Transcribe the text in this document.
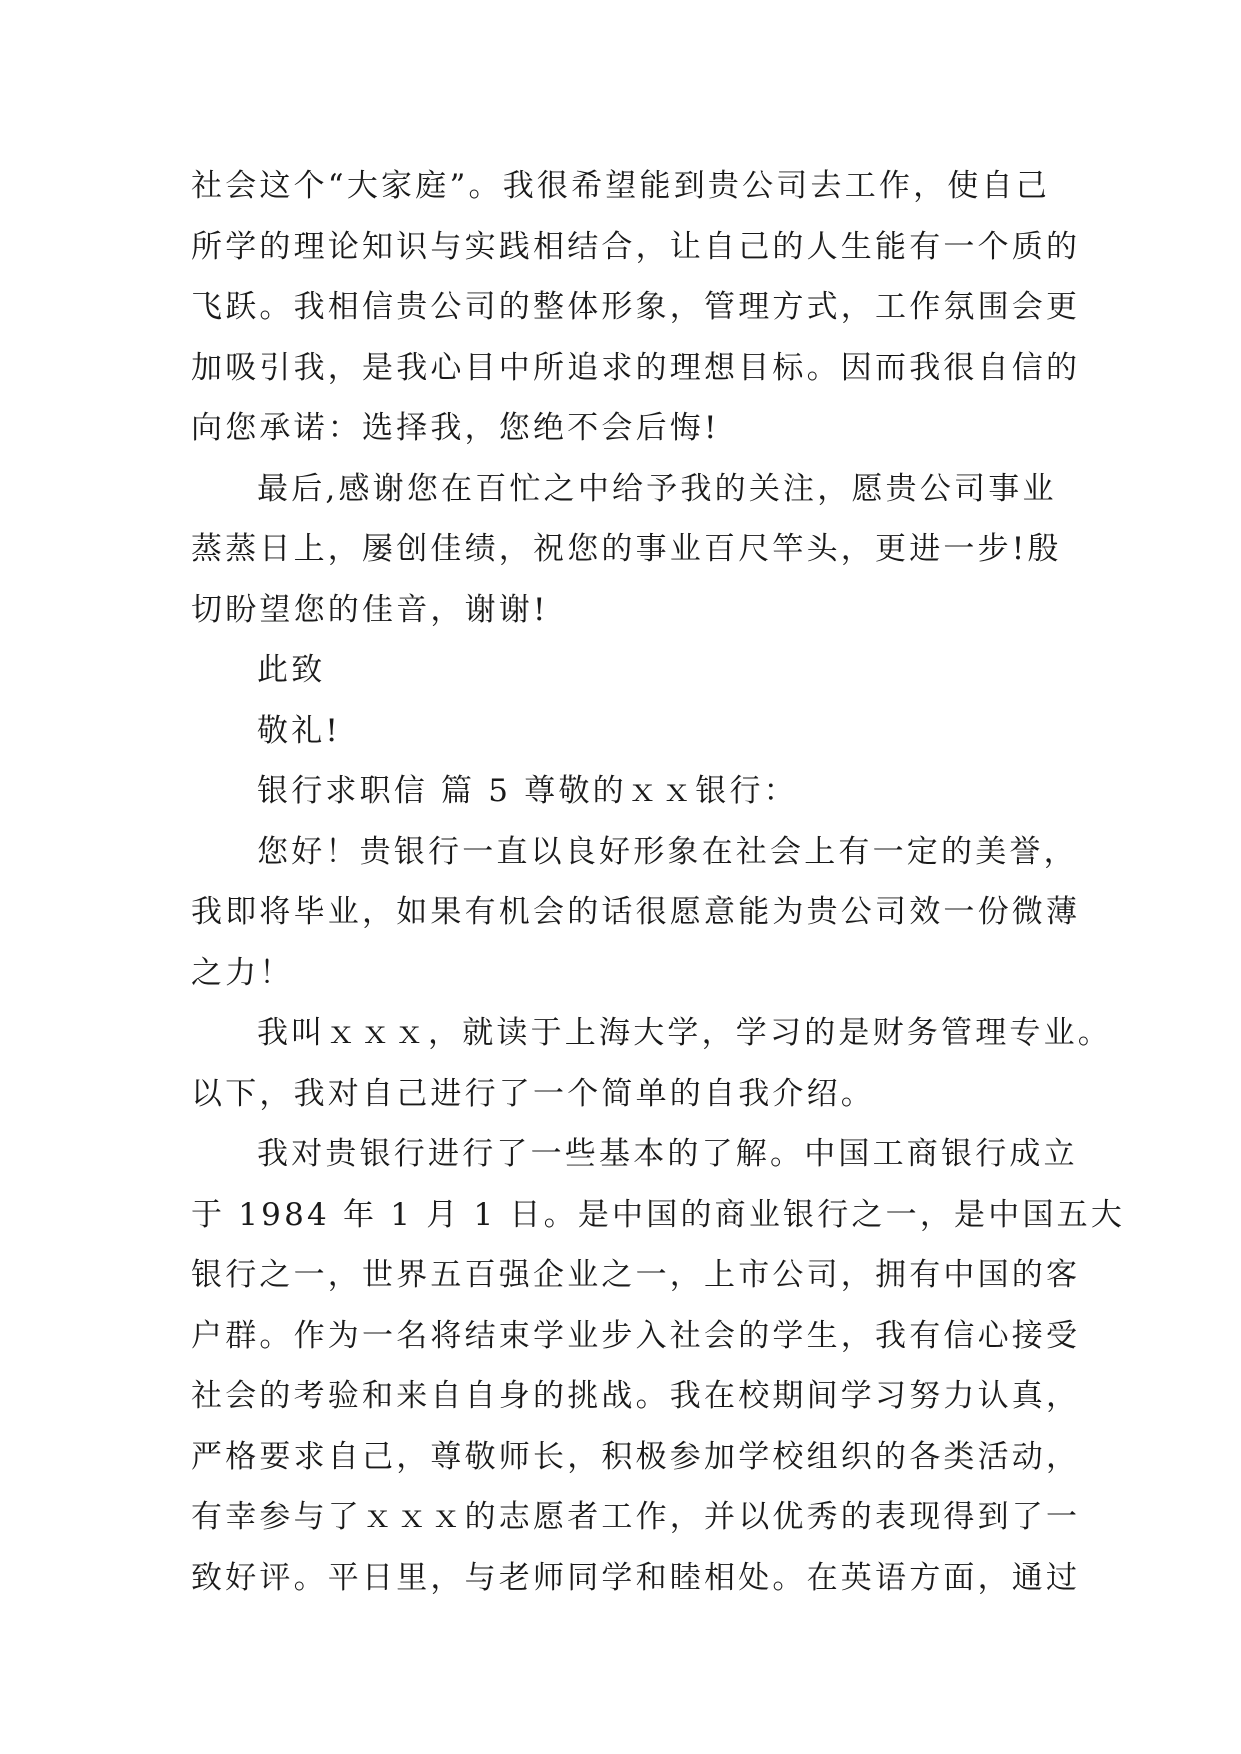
社会这个“大家庭”。我很希望能到贵公司去工作，使自己
所学的理论知识与实践相结合，让自己的人生能有一个质的
飞跃。我相信贵公司的整体形象，管理方式，工作氛围会更
加吸引我，是我心目中所追求的理想目标。因而我很自信的
向您承诺：选择我，您绝不会后悔!
最后,感谢您在百忙之中给予我的关注，愿贵公司事业
蒸蒸日上，屡创佳绩，祝您的事业百尺竿头，更进一步!殷
切盼望您的佳音，谢谢!
此致
敬礼!
银行求职信 篇 5 尊敬的ｘｘ银行：
您好！贵银行一直以良好形象在社会上有一定的美誉，
我即将毕业，如果有机会的话很愿意能为贵公司效一份微薄
之力！
我叫ｘｘｘ，就读于上海大学，学习的是财务管理专业。
以下，我对自己进行了一个简单的自我介绍。
我对贵银行进行了一些基本的了解。中国工商银行成立
于 1984 年 1 月 1 日。是中国的商业银行之一，是中国五大
银行之一，世界五百强企业之一，上市公司，拥有中国的客
户群。作为一名将结束学业步入社会的学生，我有信心接受
社会的考验和来自自身的挑战。我在校期间学习努力认真，
严格要求自己，尊敬师长，积极参加学校组织的各类活动，
有幸参与了ｘｘｘ的志愿者工作，并以优秀的表现得到了一
致好评。平日里，与老师同学和睦相处。在英语方面，通过
